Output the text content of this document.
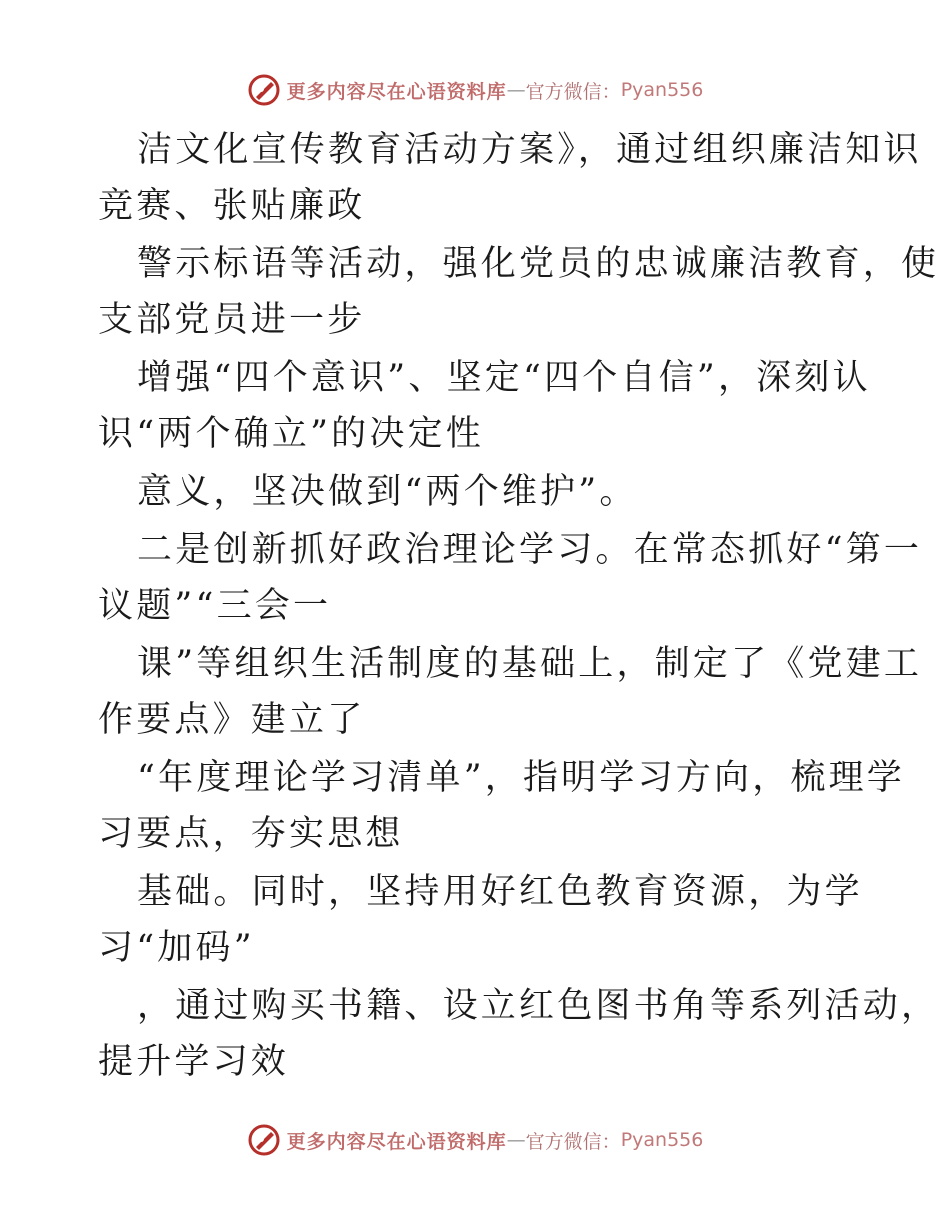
更多内容尽在心语资料库 — 官方微信： Pyan556
洁文化宣传教育活动方案》，通过组织廉洁知识
竞赛、张贴廉政
警示标语等活动，强化党员的忠诚廉洁教育，使
支部党员进一步
增强“四个意识”、坚定“四个自信”，深刻认
识“两个确立”的决定性
意义，坚决做到“两个维护”。
二是创新抓好政治理论学习。在常态抓好“第一
议题”“三会一
课”等组织生活制度的基础上，制定了《党建工
作要点》建立了
“年度理论学习清单”，指明学习方向，梳理学
习要点，夯实思想
基础。同时，坚持用好红色教育资源，为学
习“加码”
，通过购买书籍、设立红色图书角等系列活动，
提升学习效
更多内容尽在心语资料库 — 官方微信： Pyan556
